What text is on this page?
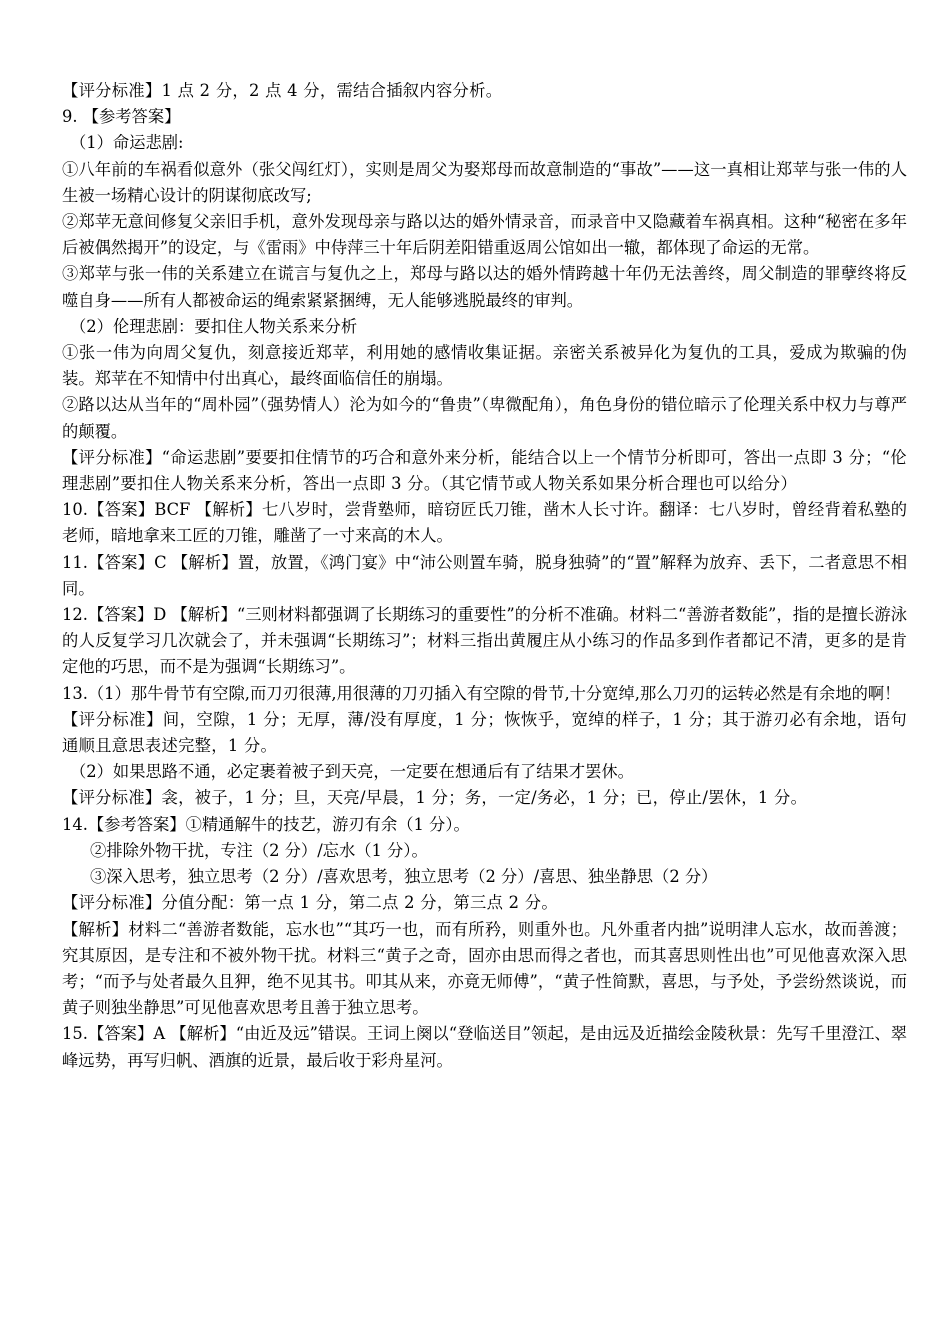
【评分标准】1 点 2 分，2 点 4 分，需结合插叙内容分析。

9. 【参考答案】

（1）命运悲剧:

①八年前的车祸看似意外（张父闯红灯），实则是周父为娶郑母而故意制造的“事故”——这一真相让郑苹与张一伟的人生被一场精心设计的阴谋彻底改写;

②郑苹无意间修复父亲旧手机，意外发现母亲与路以达的婚外情录音，而录音中又隐藏着车祸真相。这种“秘密在多年后被偶然揭开”的设定，与《雷雨》中侍萍三十年后阴差阳错重返周公馆如出一辙，都体现了命运的无常。

③郑苹与张一伟的关系建立在谎言与复仇之上，郑母与路以达的婚外情跨越十年仍无法善终，周父制造的罪孽终将反噬自身——所有人都被命运的绳索紧紧捆缚，无人能够逃脱最终的审判。

（2）伦理悲剧：要扣住人物关系来分析

①张一伟为向周父复仇，刻意接近郑苹，利用她的感情收集证据。亲密关系被异化为复仇的工具，爱成为欺骗的伪装。郑苹在不知情中付出真心，最终面临信任的崩塌。

②路以达从当年的“周朴园”（强势情人）沦为如今的“鲁贵”（卑微配角），角色身份的错位暗示了伦理关系中权力与尊严的颠覆。

【评分标准】“命运悲剧”要要扣住情节的巧合和意外来分析，能结合以上一个情节分析即可，答出一点即 3 分；“伦理悲剧”要扣住人物关系来分析，答出一点即 3 分。（其它情节或人物关系如果分析合理也可以给分）

10.【答案】BCF 【解析】七八岁时，尝背塾师，暗窃匠氏刀锥，凿木人长寸许。翻译：七八岁时，曾经背着私塾的老师，暗地拿来工匠的刀锥，雕凿了一寸来高的木人。

11.【答案】C 【解析】置，放置，《鸿门宴》中“沛公则置车骑，脱身独骑”的“置”解释为放弃、丢下，二者意思不相同。

12.【答案】D 【解析】“三则材料都强调了长期练习的重要性”的分析不准确。材料二“善游者数能”，指的是擅长游泳的人反复学习几次就会了，并未强调“长期练习”；材料三指出黄履庄从小练习的作品多到作者都记不清，更多的是肯定他的巧思，而不是为强调“长期练习”。

13.（1）那牛骨节有空隙,而刀刃很薄,用很薄的刀刃插入有空隙的骨节,十分宽绰,那么刀刃的运转必然是有余地的啊！

【评分标准】间，空隙，1 分；无厚，薄/没有厚度，1 分；恢恢乎，宽绰的样子，1 分；其于游刃必有余地，语句通顺且意思表述完整，1 分。

（2）如果思路不通，必定裹着被子到天亮，一定要在想通后有了结果才罢休。

【评分标准】衾，被子，1 分；旦，天亮/早晨，1 分；务，一定/务必，1 分；已，停止/罢休，1 分。

14.【参考答案】①精通解牛的技艺，游刃有余（1 分）。

②排除外物干扰，专注（2 分）/忘水（1 分）。

③深入思考，独立思考（2 分）/喜欢思考，独立思考（2 分）/喜思、独坐静思（2 分）

【评分标准】分值分配：第一点 1 分，第二点 2 分，第三点 2 分。

【解析】材料二“善游者数能，忘水也”“其巧一也，而有所矜，则重外也。凡外重者内拙”说明津人忘水，故而善渡；究其原因，是专注和不被外物干扰。材料三“黄子之奇，固亦由思而得之者也，而其喜思则性出也”可见他喜欢深入思考；“而予与处者最久且狎，绝不见其书。叩其从来，亦竟无师傅”，“黄子性简默，喜思，与予处，予尝纷然谈说，而黄子则独坐静思”可见他喜欢思考且善于独立思考。

15.【答案】A 【解析】“由近及远”错误。王词上阕以“登临送目”领起，是由远及近描绘金陵秋景：先写千里澄江、翠峰远势，再写归帆、酒旗的近景，最后收于彩舟星河。
